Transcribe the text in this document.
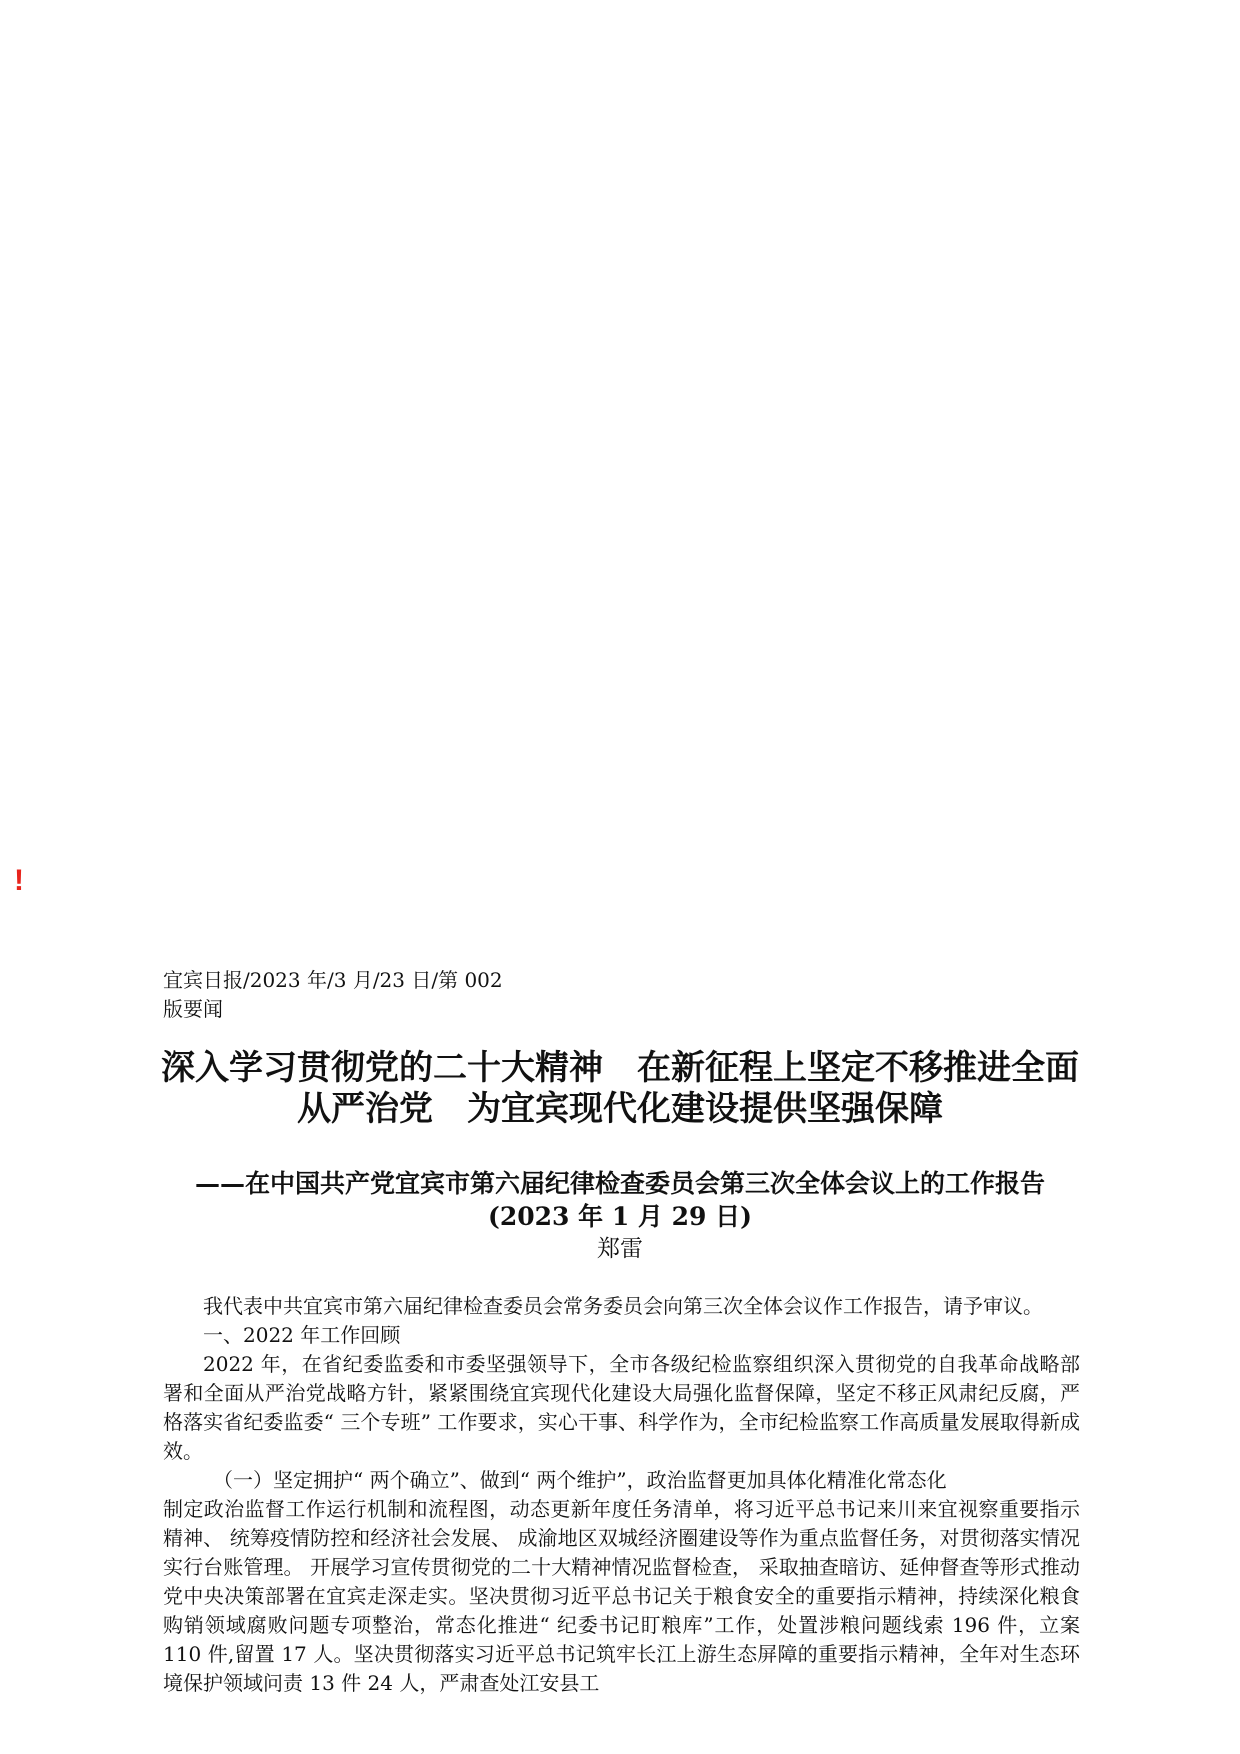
!
宜宾日报/2023 年/3 月/23 日/第 002 版要闻
深入学习贯彻党的二十大精神　在新征程上坚定不移推进全面从严治党　为宜宾现代化建设提供坚强保障
——在中国共产党宜宾市第六届纪律检查委员会第三次全体会议上的工作报告
(2023 年 1 月 29 日)
郑雷

我代表中共宜宾市第六届纪律检查委员会常务委员会向第三次全体会议作工作报告，请予审议。

一、2022 年工作回顾

2022 年，在省纪委监委和市委坚强领导下，全市各级纪检监察组织深入贯彻党的自我革命战略部署和全面从严治党战略方针，紧紧围绕宜宾现代化建设大局强化监督保障，坚定不移正风肃纪反腐，严格落实省纪委监委“ 三个专班” 工作要求，实心干事、科学作为，全市纪检监察工作高质量发展取得新成效。

（一）坚定拥护“ 两个确立”、做到“ 两个维护”，政治监督更加具体化精准化常态化

制定政治监督工作运行机制和流程图，动态更新年度任务清单，将习近平总书记来川来宜视察重要指示精神、 统筹疫情防控和经济社会发展、 成渝地区双城经济圈建设等作为重点监督任务，对贯彻落实情况实行台账管理。 开展学习宣传贯彻党的二十大精神情况监督检查， 采取抽查暗访、延伸督查等形式推动党中央决策部署在宜宾走深走实。坚决贯彻习近平总书记关于粮食安全的重要指示精神，持续深化粮食购销领域腐败问题专项整治，常态化推进“ 纪委书记盯粮库”工作，处置涉粮问题线索 196 件，立案 110 件,留置 17 人。坚决贯彻落实习近平总书记筑牢长江上游生态屏障的重要指示精神，全年对生态环境保护领域问责 13 件 24 人，严肃查处江安县工
